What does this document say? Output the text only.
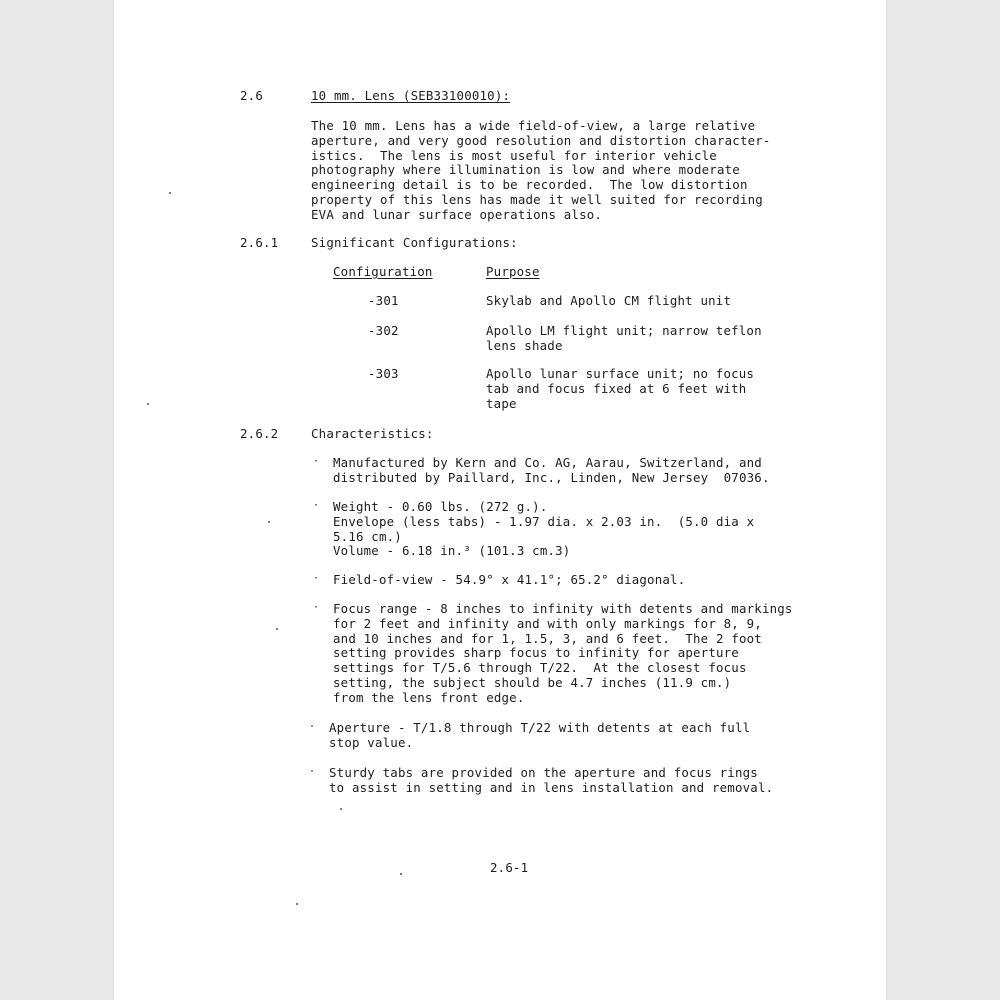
2.6	10 mm. Lens (SEB33100010):
The 10 mm. Lens has a wide field-of-view, a large relative
aperture, and very good resolution and distortion character-
istics.  The lens is most useful for interior vehicle
photography where illumination is low and where moderate
engineering detail is to be recorded.  The low distortion
property of this lens has made it well suited for recording
EVA and lunar surface operations also.
2.6.1	Significant Configurations:
Configuration	Purpose
-301	Skylab and Apollo CM flight unit
-302	Apollo LM flight unit; narrow teflon
lens shade
-303	Apollo lunar surface unit; no focus
tab and focus fixed at 6 feet with
tape
2.6.2	Characteristics:
· Manufactured by Kern and Co. AG, Aarau, Switzerland, and
distributed by Paillard, Inc., Linden, New Jersey  07036.
· Weight - 0.60 lbs. (272 g.).
Envelope (less tabs) - 1.97 dia. x 2.03 in.  (5.0 dia x
5.16 cm.)
Volume - 6.18 in.³ (101.3 cm.3)
· Field-of-view - 54.9° x 41.1°; 65.2° diagonal.
· Focus range - 8 inches to infinity with detents and markings
for 2 feet and infinity and with only markings for 8, 9,
and 10 inches and for 1, 1.5, 3, and 6 feet.  The 2 foot
setting provides sharp focus to infinity for aperture
settings for T/5.6 through T/22.  At the closest focus
setting, the subject should be 4.7 inches (11.9 cm.)
from the lens front edge.
· Aperture - T/1.8 through T/22 with detents at each full
stop value.
· Sturdy tabs are provided on the aperture and focus rings
to assist in setting and in lens installation and removal.
2.6-1
